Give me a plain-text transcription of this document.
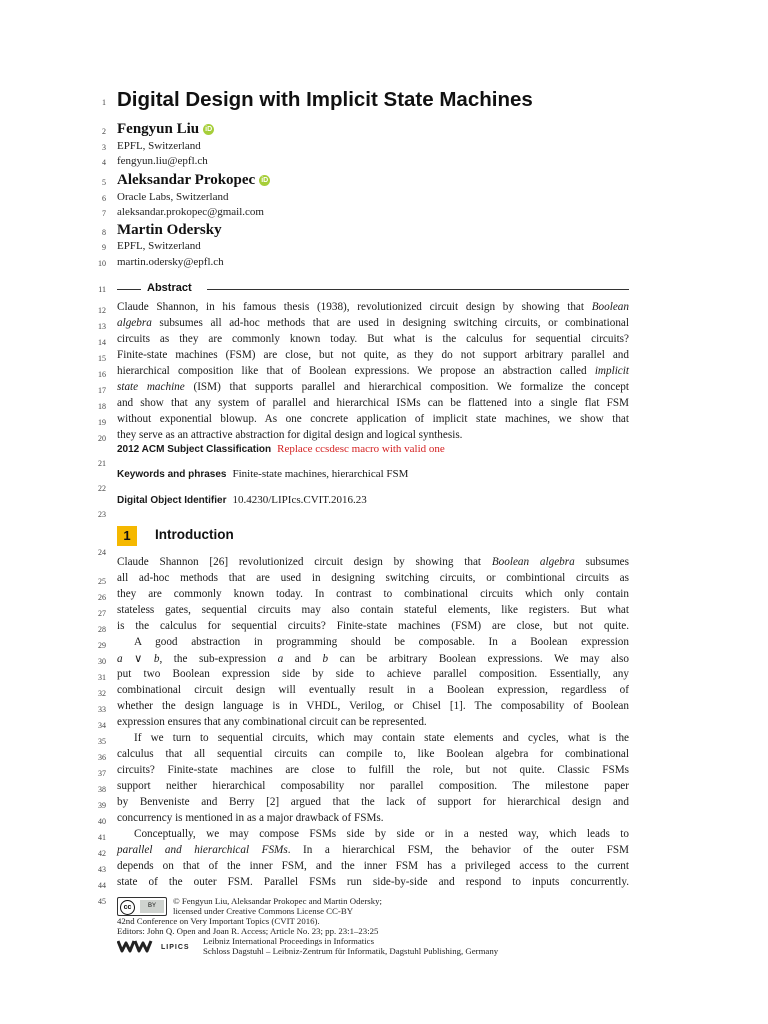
1
2
3
4
5
6
7
8
9
10
11
12
13
14
15
16
17
18
19
20
21
22
23
24
25
26
27
28
29
30
31
32
33
34
35
36
37
38
39
40
41
42
43
44
45
Digital Design with Implicit State Machines
Fengyun Liu iD
EPFL, Switzerland
fengyun.liu@epfl.ch
Aleksandar Prokopec iD
Oracle Labs, Switzerland
aleksandar.prokopec@gmail.com
Martin Odersky
EPFL, Switzerland
martin.odersky@epfl.ch
Abstract
Claude Shannon, in his famous thesis (1938), revolutionized circuit design by showing that Boolean
algebra subsumes all ad-hoc methods that are used in designing switching circuits, or combinational
circuits as they are commonly known today. But what is the calculus for sequential circuits?
Finite-state machines (FSM) are close, but not quite, as they do not support arbitrary parallel and
hierarchical composition like that of Boolean expressions. We propose an abstraction called implicit
state machine (ISM) that supports parallel and hierarchical composition. We formalize the concept
and show that any system of parallel and hierarchical ISMs can be flattened into a single flat FSM
without exponential blowup. As one concrete application of implicit state machines, we show that
they serve as an attractive abstraction for digital design and logical synthesis.
2012 ACM Subject Classification Replace ccsdesc macro with valid one
Keywords and phrases Finite-state machines, hierarchical FSM
Digital Object Identifier 10.4230/LIPIcs.CVIT.2016.23
1	Introduction
Claude Shannon [26] revolutionized circuit design by showing that Boolean algebra subsumes
all ad-hoc methods that are used in designing switching circuits, or combintional circuits as
they are commonly known today. In contrast to combinational circuits which only contain
stateless gates, sequential circuits may also contain stateful elements, like registers. But what
is the calculus for sequential circuits? Finite-state machines (FSM) are close, but not quite.
A good abstraction in programming should be composable. In a Boolean expression
a ∨ b, the sub-expression a and b can be arbitrary Boolean expressions. We may also
put two Boolean expression side by side to achieve parallel composition. Essentially, any
combinational circuit design will eventually result in a Boolean expression, regardless of
whether the design language is in VHDL, Verilog, or Chisel [1]. The composability of Boolean
expression ensures that any combinational circuit can be represented.
If we turn to sequential circuits, which may contain state elements and cycles, what is the
calculus that all sequential circuits can compile to, like Boolean algebra for combinational
circuits? Finite-state machines are close to fulfill the role, but not quite. Classic FSMs
support neither hierarchical composability nor parallel composition. The milestone paper
by Benveniste and Berry [2] argued that the lack of support for hierarchical design and
concurrency is mentioned in as a major drawback of FSMs.
Conceptually, we may compose FSMs side by side or in a nested way, which leads to
parallel and hierarchical FSMs. In a hierarchical FSM, the behavior of the outer FSM
depends on that of the inner FSM, and the inner FSM has a privileged access to the current
state of the outer FSM. Parallel FSMs run side-by-side and respond to inputs concurrently.
cc	BY	© Fengyun Liu, Aleksandar Prokopec and Martin Odersky;
licensed under Creative Commons License CC-BY
42nd Conference on Very Important Topics (CVIT 2016).
Editors: John Q. Open and Joan R. Access; Article No. 23; pp. 23:1–23:25
LIPICS
Leibniz International Proceedings in Informatics
Schloss Dagstuhl – Leibniz-Zentrum für Informatik, Dagstuhl Publishing, Germany
